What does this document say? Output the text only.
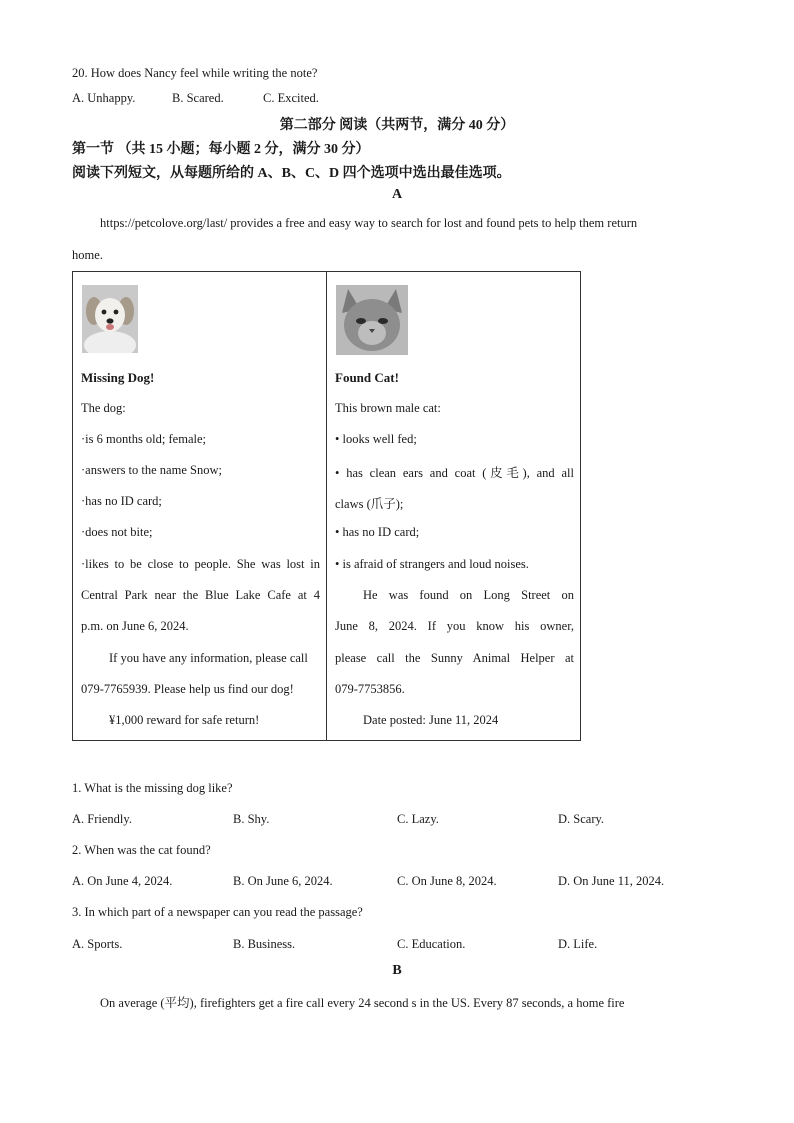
20. How does Nancy feel while writing the note?
A. Unhappy.	B. Scared.	C. Excited.
第二部分 阅读（共两节，满分 40 分）
第一节 （共 15 小题；每小题 2 分，满分 30 分）
阅读下列短文，从每题所给的 A、B、C、D 四个选项中选出最佳选项。
A
https://petcolove.org/last/ provides a free and easy way to search for lost and found pets to help them return
home.
Missing Dog!
The dog:
·is 6 months old; female;
·answers to the name Snow;
·has no ID card;
·does not bite;
·likes to be close to people. She was lost in
Central Park near the Blue Lake Cafe at 4
p.m. on June 6, 2024.
If you have any information, please call
079-7765939. Please help us find our dog!
¥1,000 reward for safe return!

Found Cat!
This brown male cat:
• looks well fed;
• has clean ears and coat (皮毛), and all
claws (爪子);
• has no ID card;
• is afraid of strangers and loud noises.
He was found on Long Street on
June 8, 2024. If you know his owner,
please call the Sunny Animal Helper at
079-7753856.
Date posted: June 11, 2024
1. What is the missing dog like?
A. Friendly.	B. Shy.	C. Lazy.	D. Scary.
2. When was the cat found?
A. On June 4, 2024.	B. On June 6, 2024.	C. On June 8, 2024.	D. On June 11, 2024.
3. In which part of a newspaper can you read the passage?
A. Sports.	B. Business.	C. Education.	D. Life.
B
On average (平均), firefighters get a fire call every 24 second s in the US. Every 87 seconds, a home fire
